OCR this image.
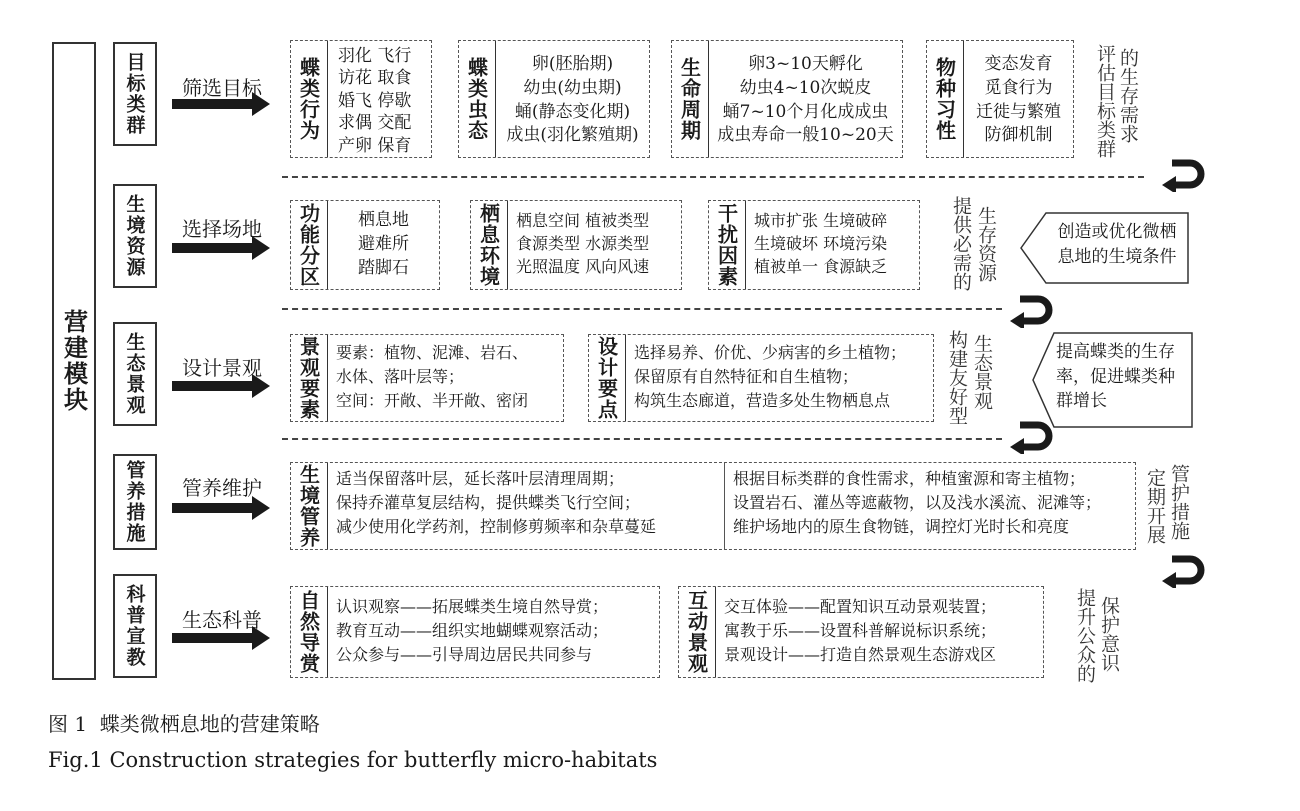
营建模块
目标类群 筛选目标 蝶类行为
羽化 飞行
访花 取食
婚飞 停歇
求偶 交配
产卵 保育
蝶类虫态	卵(胚胎期)
幼虫(幼虫期)
蛹(静态变化期)
成虫(羽化繁殖期)	生命周期	卵3~10天孵化
幼虫4~10次蜕皮
蛹7~10个月化成成虫
成虫寿命一般10~20天	物种习性	变态发育
觅食行为
迁徙与繁殖
防御机制	评估目标类群 的生存需求
生境资源 选择场地 功能分区	栖息地
避难所
踏脚石	栖息环境 栖息空间 植被类型
食源类型 水源类型
光照温度 风向风速	干扰因素 城市扩张 生境破碎
生境破坏 环境污染
植被单一 食源缺乏	提供必需的 生存资源	创造或优化微栖
息地的生境条件
生态景观 设计景观 景观要素 要素：植物、泥滩、岩石、
水体、落叶层等；
空间：开敞、半开敞、密闭	设计要点 选择易养、价优、少病害的乡土植物；
保留原有自然特征和自生植物；
构筑生态廊道，营造多处生物栖息点	构建友好型 生态景观	提高蝶类的生存
率，促进蝶类种
群增长
管养措施 管养维护 生境管养 适当保留落叶层，延长落叶层清理周期；
保持乔灌草复层结构，提供蝶类飞行空间；
减少使用化学药剂，控制修剪频率和杂草蔓延
根据目标类群的食性需求，种植蜜源和寄主植物；
设置岩石、灌丛等遮蔽物，以及浅水溪流、泥滩等；
维护场地内的原生食物链，调控灯光时长和亮度	定期开展 管护措施
科普宣教 生态科普 自然导赏 认识观察——拓展蝶类生境自然导赏；
教育互动——组织实地蝴蝶观察活动；
公众参与——引导周边居民共同参与	互动景观 交互体验——配置知识互动景观装置；
寓教于乐——设置科普解说标识系统；
景观设计——打造自然景观生态游戏区	提升公众的 保护意识
图 1  蝶类微栖息地的营建策略
Fig.1 Construction strategies for butterfly micro-habitats
